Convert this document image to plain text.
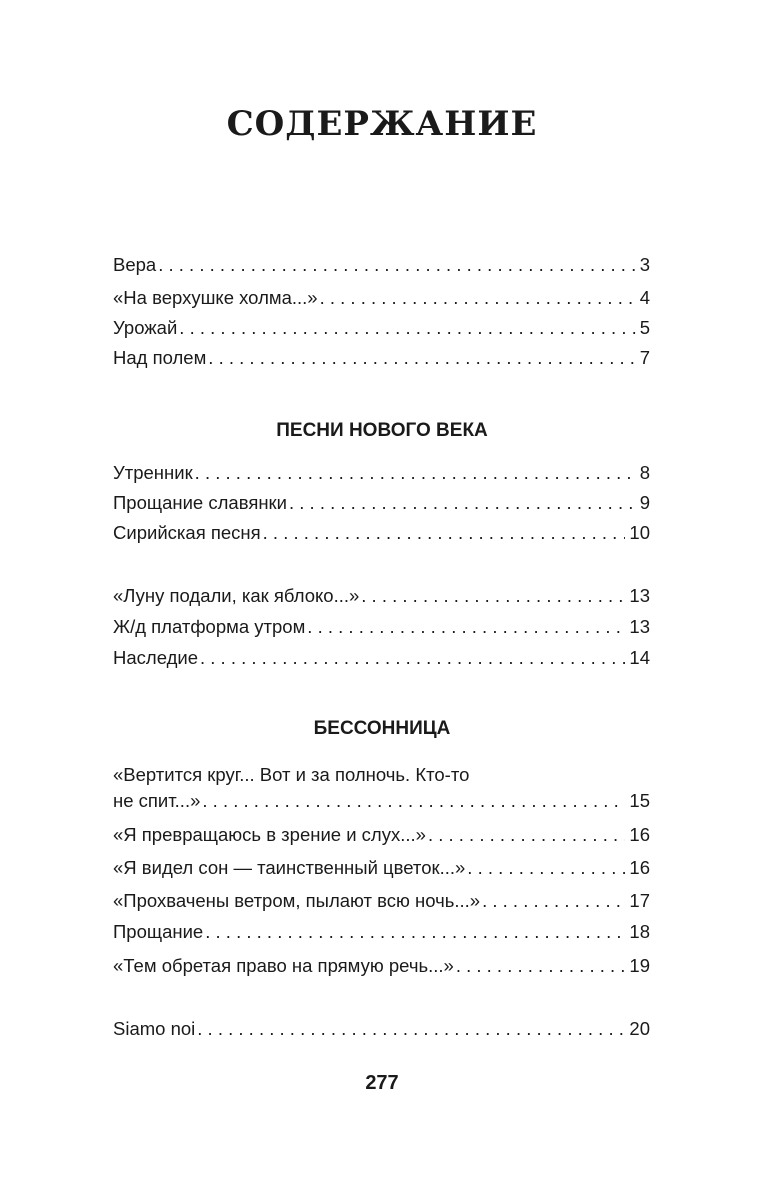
СОДЕРЖАНИЕ
Вера . . .	3
«На верхушке холма...» . . .	4
Урожай . . .	5
Над полем . . .	7
ПЕСНИ НОВОГО ВЕКА
Утренник . . .	8
Прощание славянки . . .	9
Сирийская песня . . .	10
«Луну подали, как яблоко...» . . .	13
Ж/д платформа утром . . .	13
Наследие . . .	14
БЕССОННИЦА
«Вертится круг... Вот и за полночь. Кто-то
не спит...» . . .	15
«Я превращаюсь в зрение и слух...» . . .	16
«Я видел сон — таинственный цветок...» . . .	16
«Прохвачены ветром, пылают всю ночь...» . . .	17
Прощание . . .	18
«Тем обретая право на прямую речь...» . . .	19
Siamo noi . . .	20
277
